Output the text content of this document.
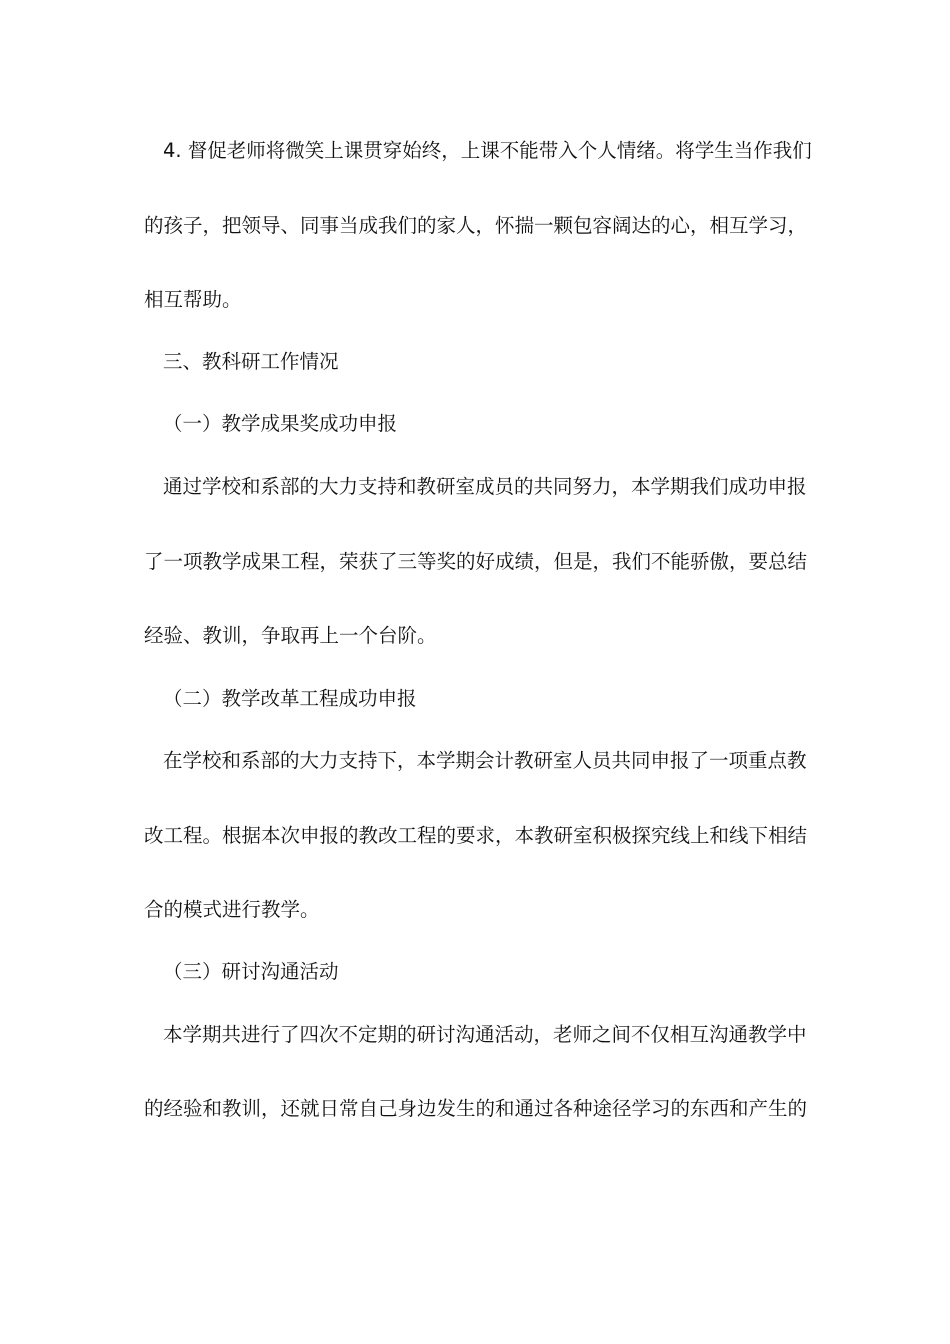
4. 督促老师将微笑上课贯穿始终，上课不能带入个人情绪。将学生当作我们
的孩子，把领导、同事当成我们的家人，怀揣一颗包容阔达的心，相互学习，
相互帮助。
三、教科研工作情况
（一）教学成果奖成功申报
通过学校和系部的大力支持和教研室成员的共同努力，本学期我们成功申报
了一项教学成果工程，荣获了三等奖的好成绩，但是，我们不能骄傲，要总结
经验、教训，争取再上一个台阶。
（二）教学改革工程成功申报
在学校和系部的大力支持下，本学期会计教研室人员共同申报了一项重点教
改工程。根据本次申报的教改工程的要求，本教研室积极探究线上和线下相结
合的模式进行教学。
（三）研讨沟通活动
本学期共进行了四次不定期的研讨沟通活动，老师之间不仅相互沟通教学中
的经验和教训，还就日常自己身边发生的和通过各种途径学习的东西和产生的
